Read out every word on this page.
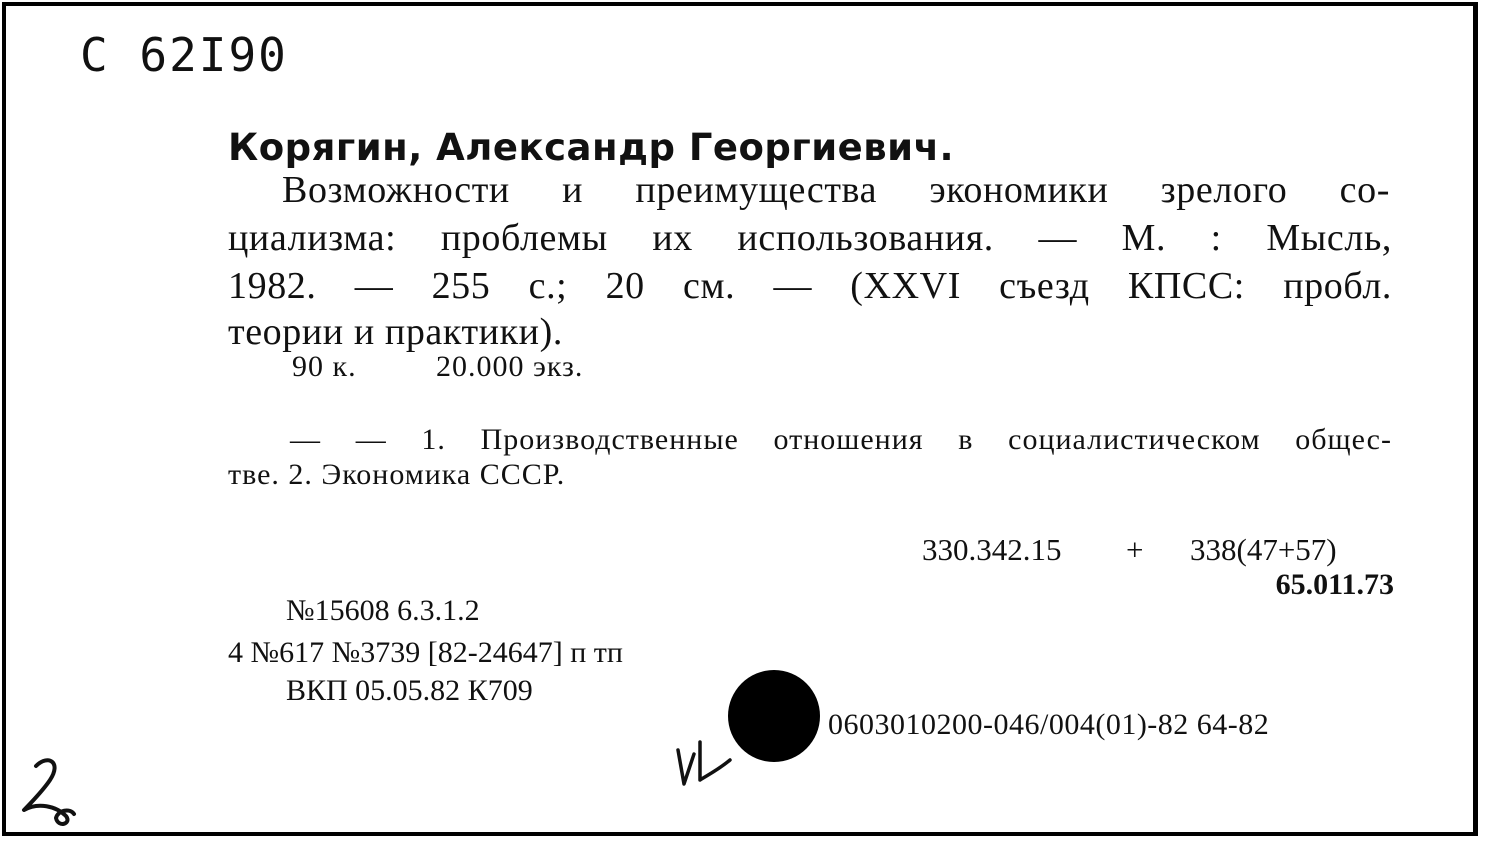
С 62I90
Корягин, Александр Георгиевич.
Возможности и преимущества экономики зрелого со-
циализма: проблемы их использования. — М. : Мысль,
1982. — 255 с.; 20 см. — (XXVI съезд КПСС: пробл.
теории и практики).
90 к.	20.000 экз.
— — 1. Производственные отношения в социалистическом общес-
тве. 2. Экономика СССР.
330.342.15 + 338(47+57)
65.011.73
№15608 6.3.1.2
4 №617 №3739 [82-24647] п тп
ВКП 05.05.82 К709
0603010200-046/004(01)-82 64-82
